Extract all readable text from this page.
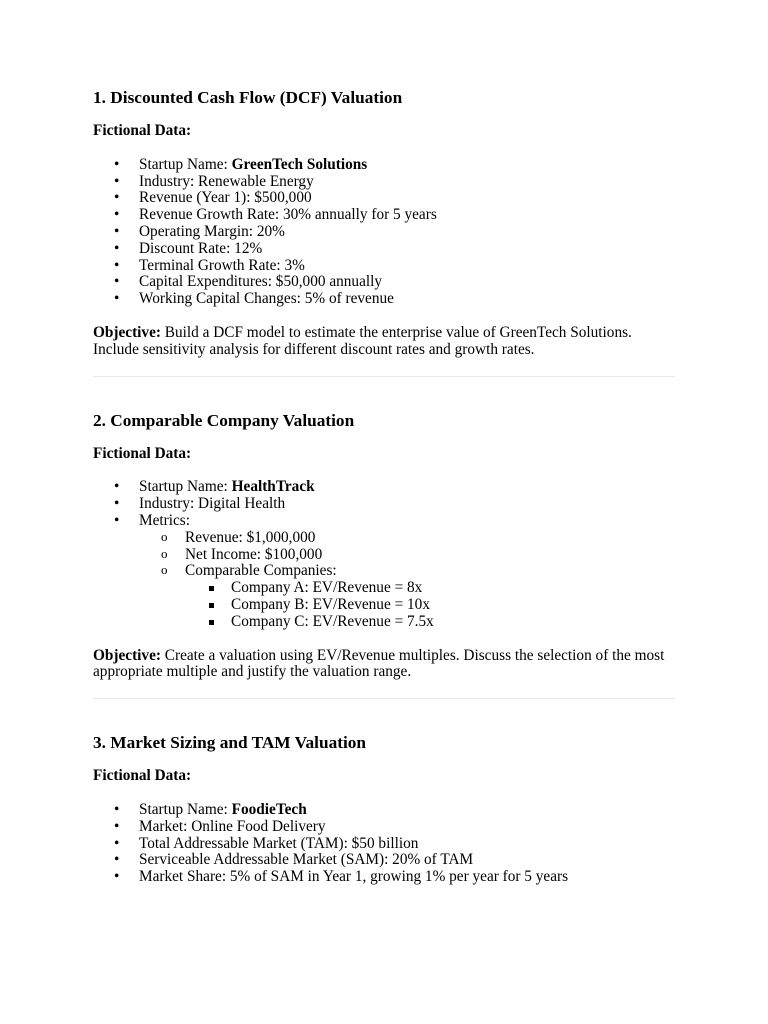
1. Discounted Cash Flow (DCF) Valuation

Fictional Data:

• Startup Name: GreenTech Solutions
• Industry: Renewable Energy
• Revenue (Year 1): $500,000
• Revenue Growth Rate: 30% annually for 5 years
• Operating Margin: 20%
• Discount Rate: 12%
• Terminal Growth Rate: 3%
• Capital Expenditures: $50,000 annually
• Working Capital Changes: 5% of revenue

Objective: Build a DCF model to estimate the enterprise value of GreenTech Solutions. Include sensitivity analysis for different discount rates and growth rates.

2. Comparable Company Valuation

Fictional Data:

• Startup Name: HealthTrack
• Industry: Digital Health
• Metrics:
o Revenue: $1,000,000
o Net Income: $100,000
o Comparable Companies:
Company A: EV/Revenue = 8x
Company B: EV/Revenue = 10x
Company C: EV/Revenue = 7.5x

Objective: Create a valuation using EV/Revenue multiples. Discuss the selection of the most appropriate multiple and justify the valuation range.

3. Market Sizing and TAM Valuation

Fictional Data:

• Startup Name: FoodieTech
• Market: Online Food Delivery
• Total Addressable Market (TAM): $50 billion
• Serviceable Addressable Market (SAM): 20% of TAM
• Market Share: 5% of SAM in Year 1, growing 1% per year for 5 years
